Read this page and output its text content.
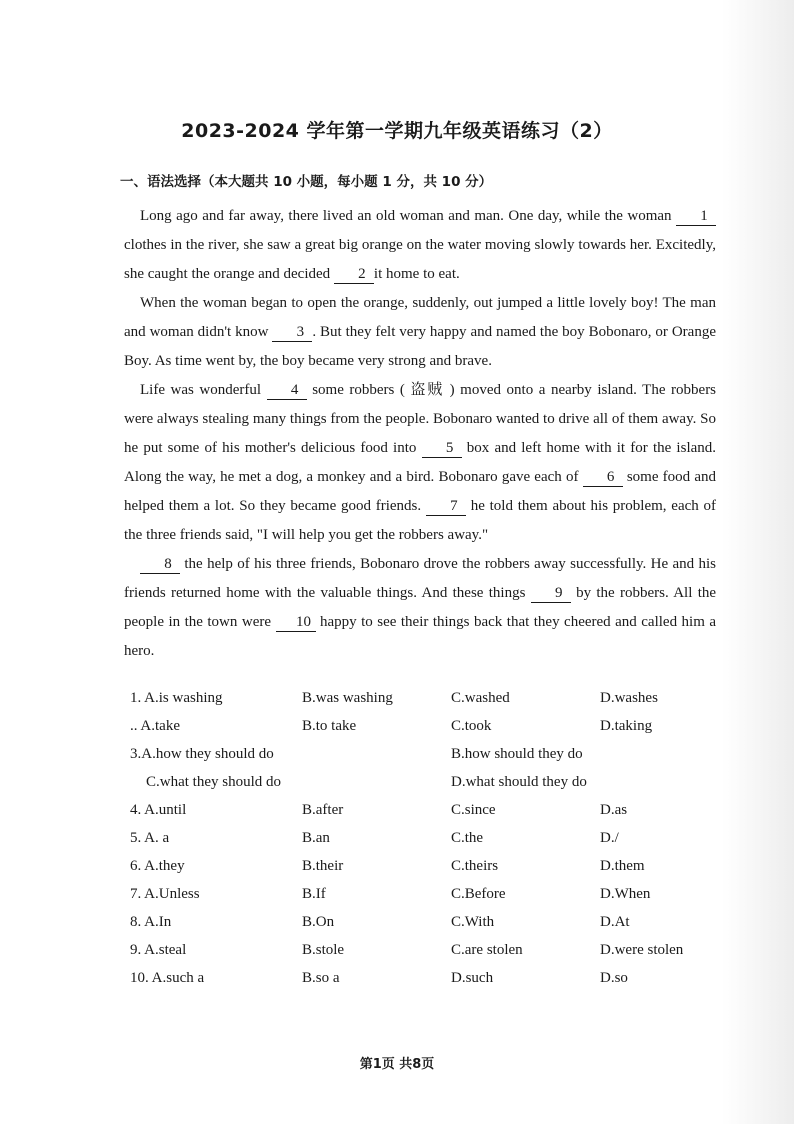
2023-2024 学年第一学期九年级英语练习（2）
一、语法选择（本大题共 10 小题，每小题 1 分，共 10 分）

Long ago and far away, there lived an old woman and man. One day, while the woman 1 clothes in the river, she saw a great big orange on the water moving slowly towards her. Excitedly, she caught the orange and decided 2 it home to eat.

When the woman began to open the orange, suddenly, out jumped a little lovely boy! The man and woman didn't know 3 . But they felt very happy and named the boy Bobonaro, or Orange Boy. As time went by, the boy became very strong and brave.

Life was wonderful 4 some robbers ( 盗贼 ) moved onto a nearby island. The robbers were always stealing many things from the people. Bobonaro wanted to drive all of them away. So he put some of his mother's delicious food into 5 box and left home with it for the island. Along the way, he met a dog, a monkey and a bird. Bobonaro gave each of 6 some food and helped them a lot. So they became good friends. 7 he told them about his problem, each of the three friends said, "I will help you get the robbers away."

8 the help of his three friends, Bobonaro drove the robbers away successfully. He and his friends returned home with the valuable things. And these things 9 by the robbers. All the people in the town were 10 happy to see their things back that they cheered and called him a hero.

1. A.is washing	B.was washing	C.washed	D.washes
.. A.take	B.to take	C.took	D.taking
3.A.how they should do	B.how should they do
C.what they should do	D.what should they do
4. A.until	B.after	C.since	D.as
5. A. a	B.an	C.the	D./
6. A.they	B.their	C.theirs	D.them
7. A.Unless	B.If	C.Before	D.When
8. A.In	B.On	C.With	D.At
9. A.steal	B.stole	C.are stolen	D.were stolen
10. A.such a	B.so a	D.such	D.so
第1页 共8页
